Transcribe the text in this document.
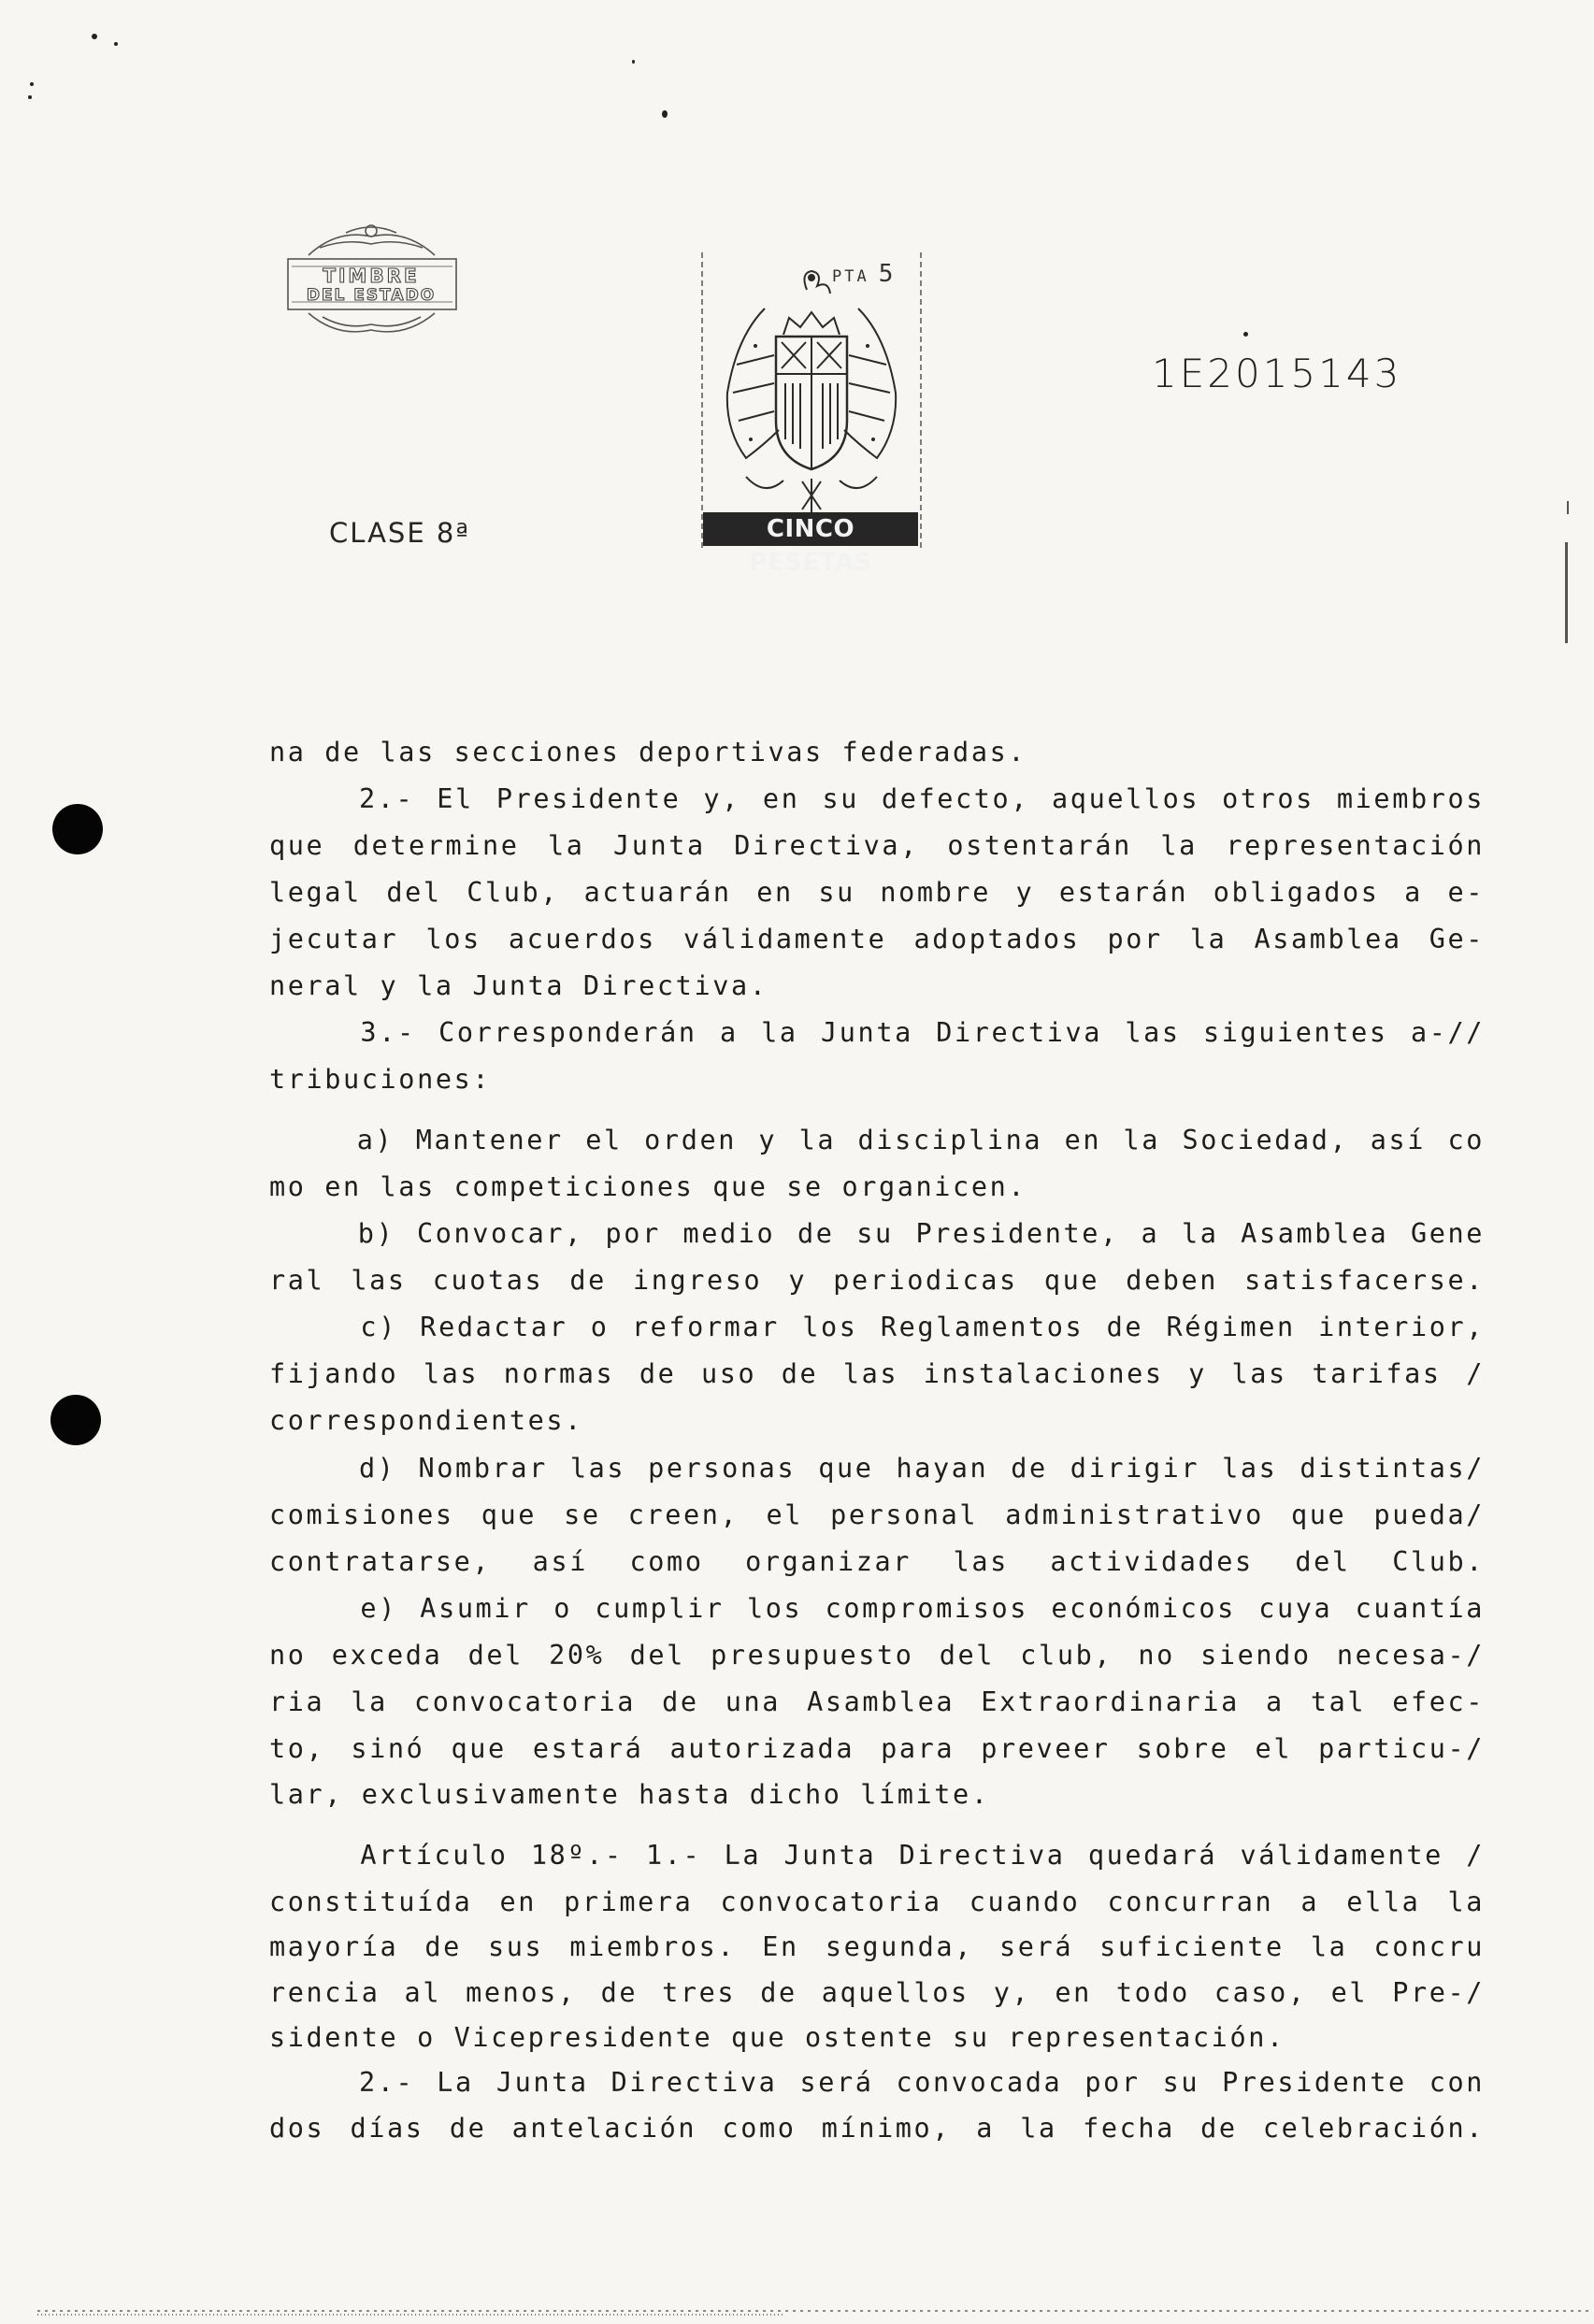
TIMBRE
DEL ESTADO
PTA 5
CINCO PESETAS
1E2015143
CLASE 8ª
na de las secciones deportivas federadas.
2.- El Presidente y, en su defecto, aquellos otros miembros
que determine la Junta Directiva, ostentarán la representación
legal del Club, actuarán en su nombre y estarán obligados a e-
jecutar los acuerdos válidamente adoptados por la Asamblea Ge-
neral y la Junta Directiva.
3.- Corresponderán a la Junta Directiva las siguientes a-//
tribuciones:
a) Mantener el orden y la disciplina en la Sociedad, así co
mo en las competiciones que se organicen.
b) Convocar, por medio de su Presidente, a la Asamblea Gene
ral las cuotas de ingreso y periodicas que deben satisfacerse.
c) Redactar o reformar los Reglamentos de Régimen interior,
fijando las normas de uso de las instalaciones y las tarifas /
correspondientes.
d) Nombrar las personas que hayan de dirigir las distintas/
comisiones que se creen, el personal administrativo que pueda/
contratarse, así como organizar las actividades del Club.
e) Asumir o cumplir los compromisos económicos cuya cuantía
no exceda del 20% del presupuesto del club, no siendo necesa-/
ria la convocatoria de una Asamblea Extraordinaria a tal efec-
to, sinó que estará autorizada para preveer sobre el particu-/
lar, exclusivamente hasta dicho límite.
Artículo 18º.- 1.- La Junta Directiva quedará válidamente /
constituída en primera convocatoria cuando concurran a ella la
mayoría de sus miembros. En segunda, será suficiente la concru
rencia al menos, de tres de aquellos y, en todo caso, el Pre-/
sidente o Vicepresidente que ostente su representación.
2.- La Junta Directiva será convocada por su Presidente con
dos días de antelación como mínimo, a la fecha de celebración.
